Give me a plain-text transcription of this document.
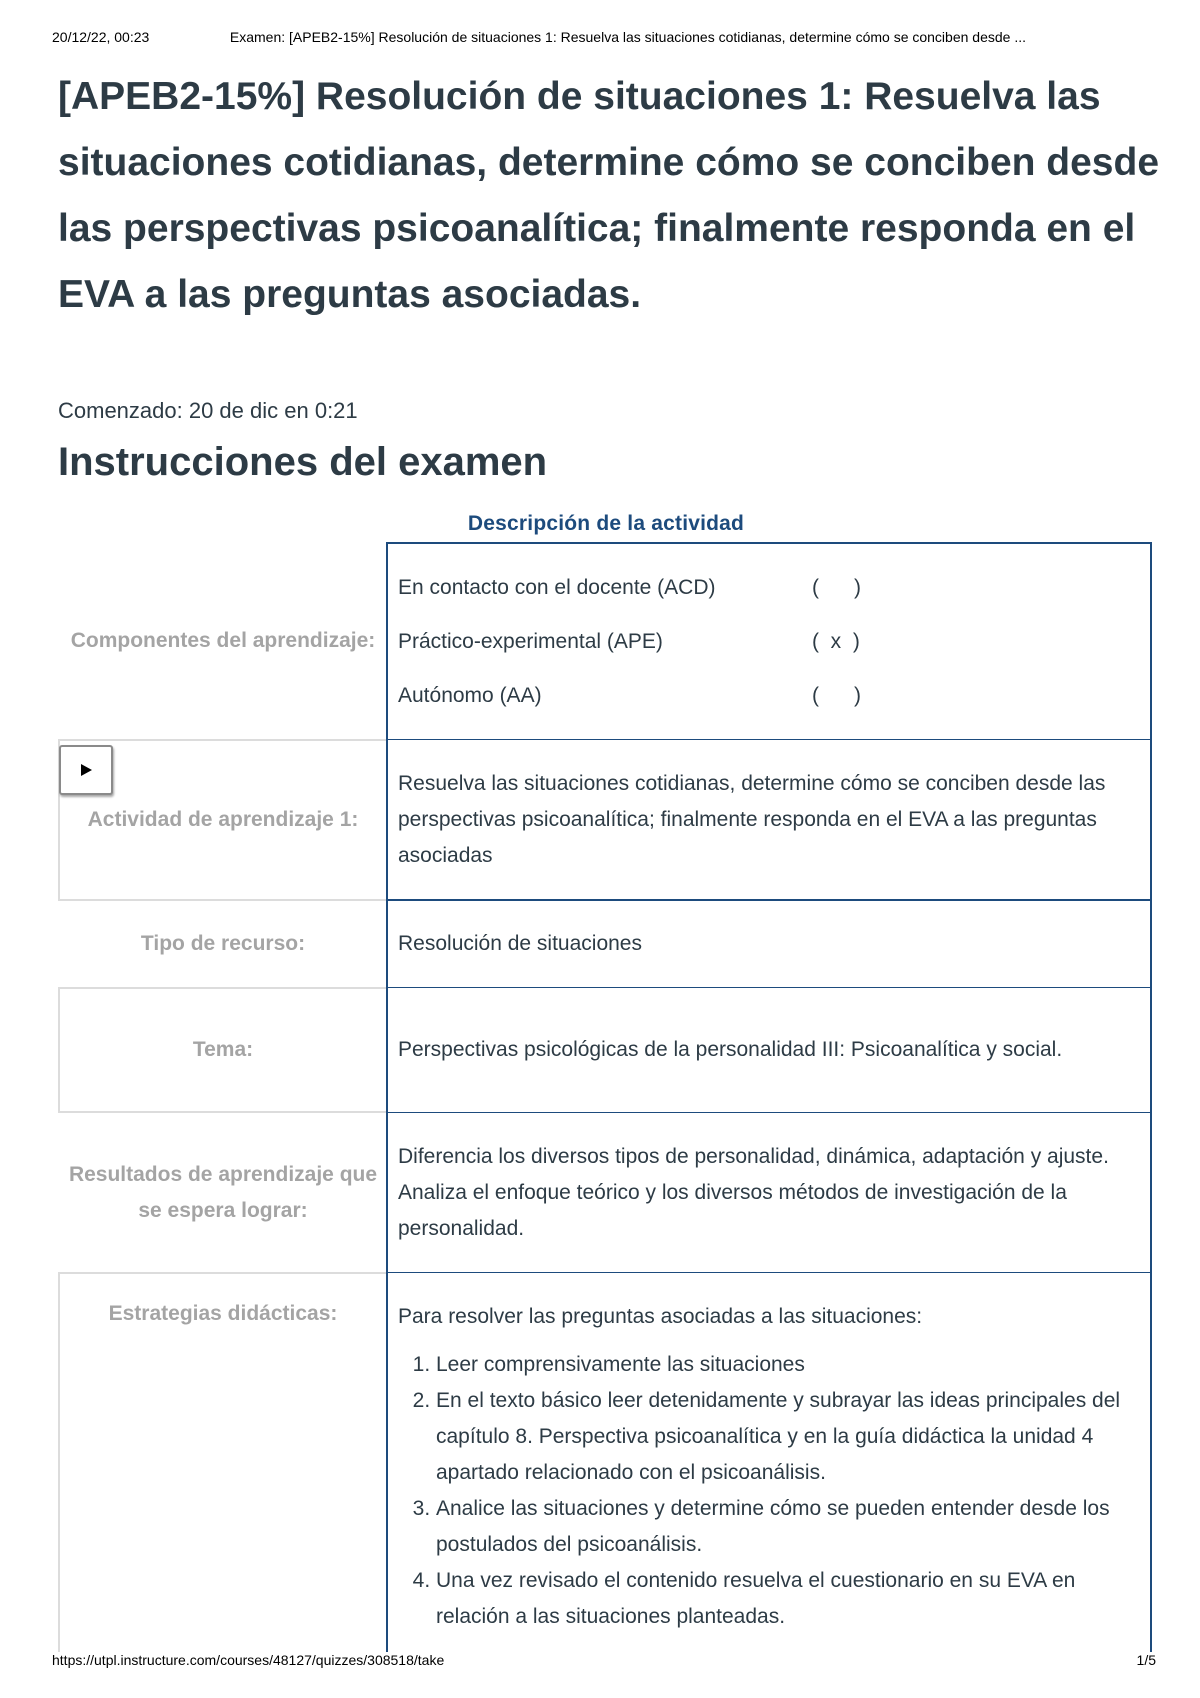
20/12/22, 00:23	Examen: [APEB2-15%] Resolución de situaciones 1: Resuelva las situaciones cotidianas, determine cómo se conciben desde ...
[APEB2-15%] Resolución de situaciones 1: Resuelva las situaciones cotidianas, determine cómo se conciben desde las perspectivas psicoanalítica; finalmente responda en el EVA a las preguntas asociadas.
Comenzado: 20 de dic en 0:21
Instrucciones del examen
Descripción de la actividad
Componentes del aprendizaje:
En contacto con el docente (ACD)	(      )
Práctico-experimental (APE)	(  x  )
Autónomo (AA)	(      )
Actividad de aprendizaje 1:
Resuelva las situaciones cotidianas, determine cómo se conciben desde las perspectivas psicoanalítica; finalmente responda en el EVA a las preguntas asociadas
Tipo de recurso:	Resolución de situaciones
Tema:	Perspectivas psicológicas de la personalidad III: Psicoanalítica y social.
Resultados de aprendizaje que se espera lograr:
Diferencia los diversos tipos de personalidad, dinámica, adaptación y ajuste. Analiza el enfoque teórico y los diversos métodos de investigación de la personalidad.
Estrategias didácticas:	Para resolver las preguntas asociadas a las situaciones:
1. Leer comprensivamente las situaciones
2. En el texto básico leer detenidamente y subrayar las ideas principales del capítulo 8. Perspectiva psicoanalítica y en la guía didáctica la unidad 4 apartado relacionado con el psicoanálisis.
3. Analice las situaciones y determine cómo se pueden entender desde los postulados del psicoanálisis.
4. Una vez revisado el contenido resuelva el cuestionario en su EVA en relación a las situaciones planteadas.
https://utpl.instructure.com/courses/48127/quizzes/308518/take	1/5
